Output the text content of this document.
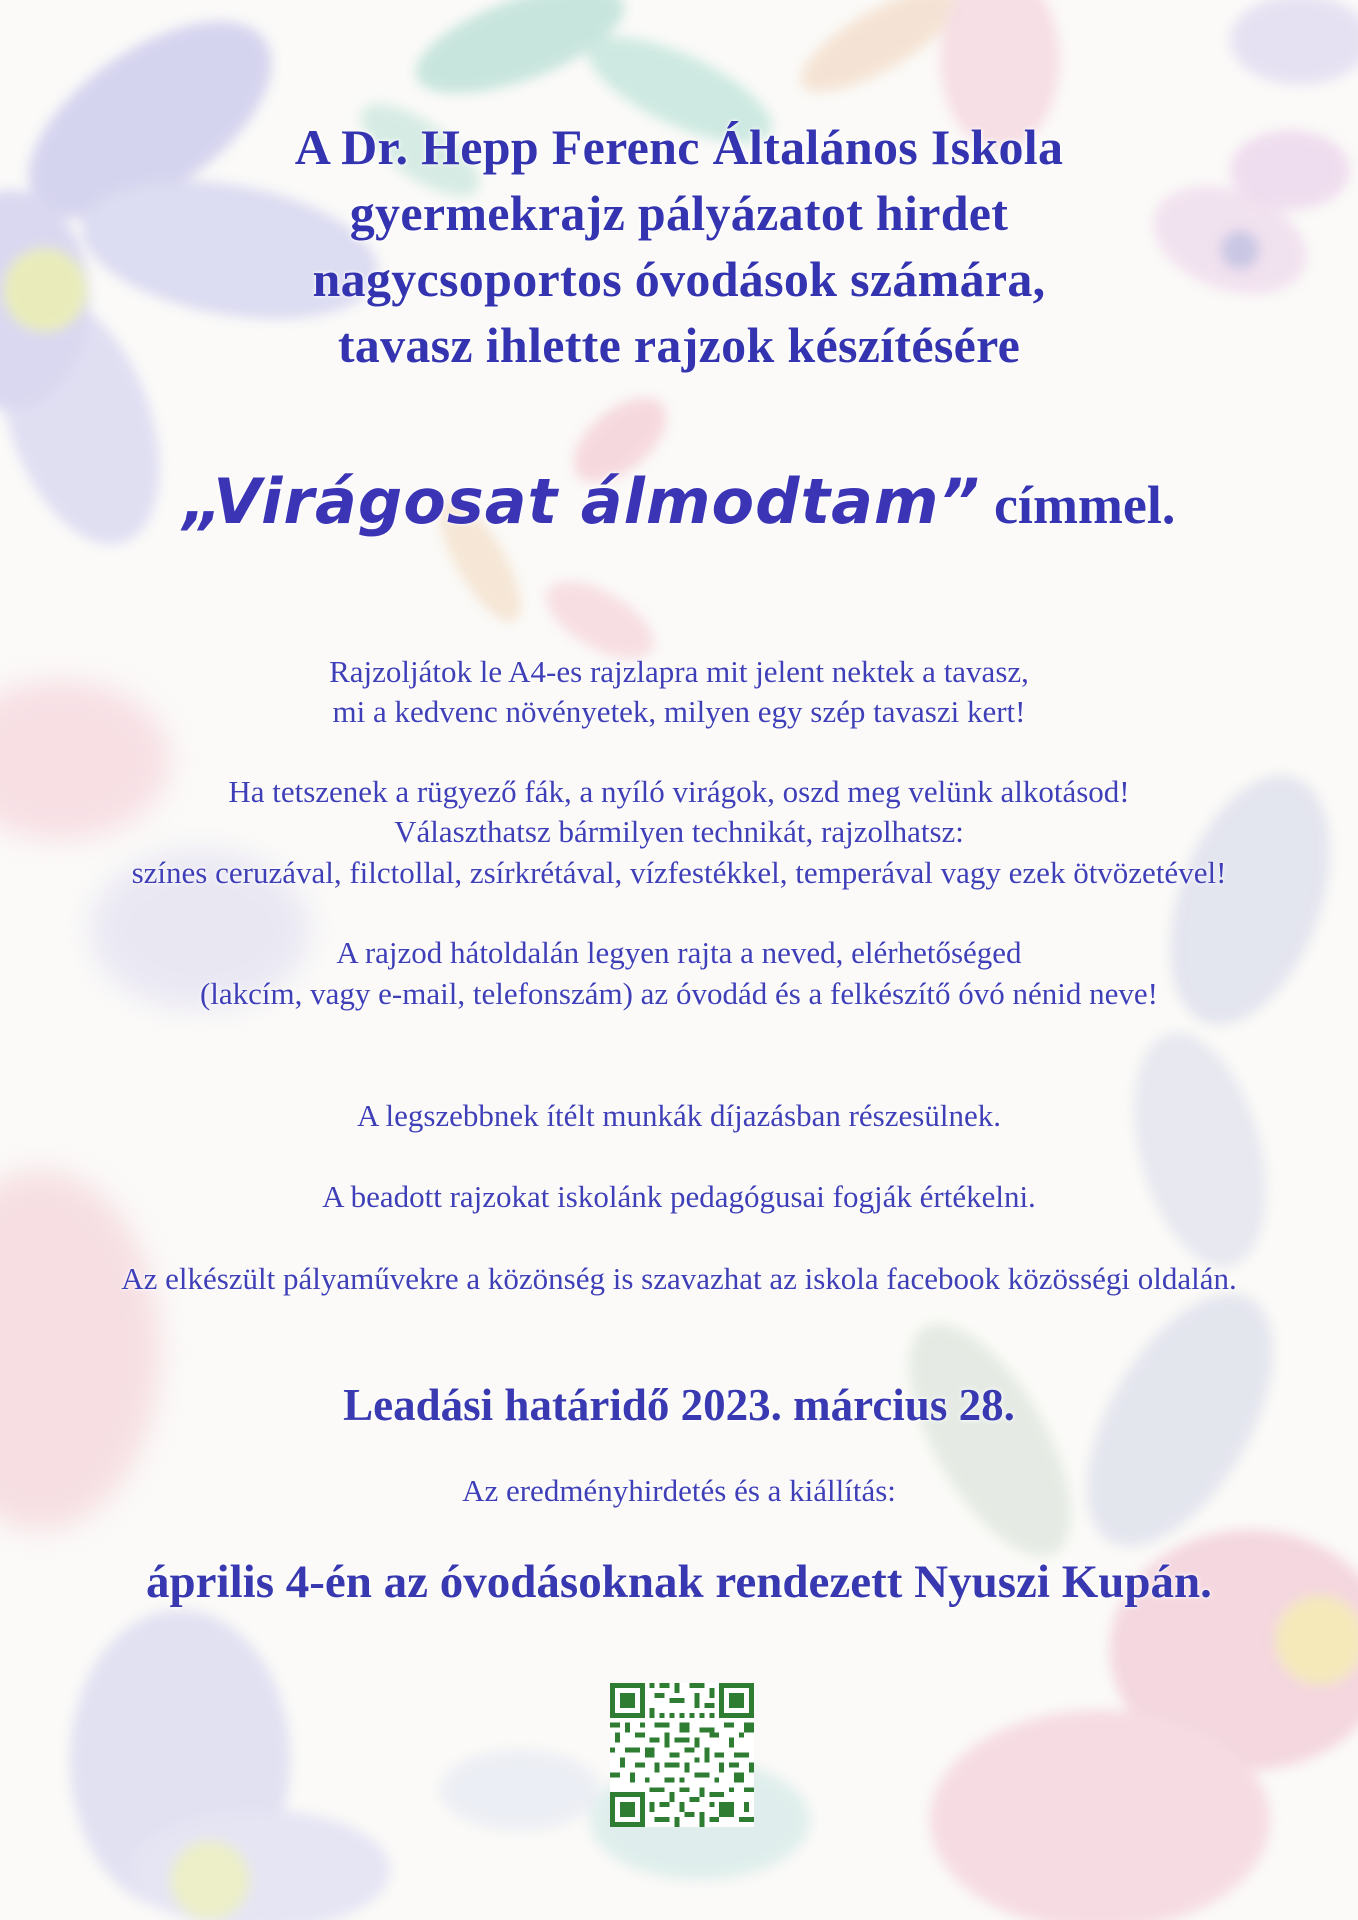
A Dr. Hepp Ferenc Általános Iskola
gyermekrajz pályázatot hirdet
nagycsoportos óvodások számára,
tavasz ihlette rajzok készítésére
„Virágosat álmodtam” címmel.
Rajzoljátok le A4-es rajzlapra mit jelent nektek a tavasz,
mi a kedvenc növényetek, milyen egy szép tavaszi kert!
Ha tetszenek a rügyező fák, a nyíló virágok, oszd meg velünk alkotásod!
Választhatsz bármilyen technikát, rajzolhatsz:
színes ceruzával, filctollal, zsírkrétával, vízfestékkel, temperával vagy ezek ötvözetével!
A rajzod hátoldalán legyen rajta a neved, elérhetőséged
(lakcím, vagy e-mail, telefonszám) az óvodád és a felkészítő óvó nénid neve!
A legszebbnek ítélt munkák díjazásban részesülnek.
A beadott rajzokat iskolánk pedagógusai fogják értékelni.
Az elkészült pályaművekre a közönség is szavazhat az iskola facebook közösségi oldalán.
Leadási határidő 2023. március 28.
Az eredményhirdetés és a kiállítás:
április 4-én az óvodásoknak rendezett Nyuszi Kupán.
